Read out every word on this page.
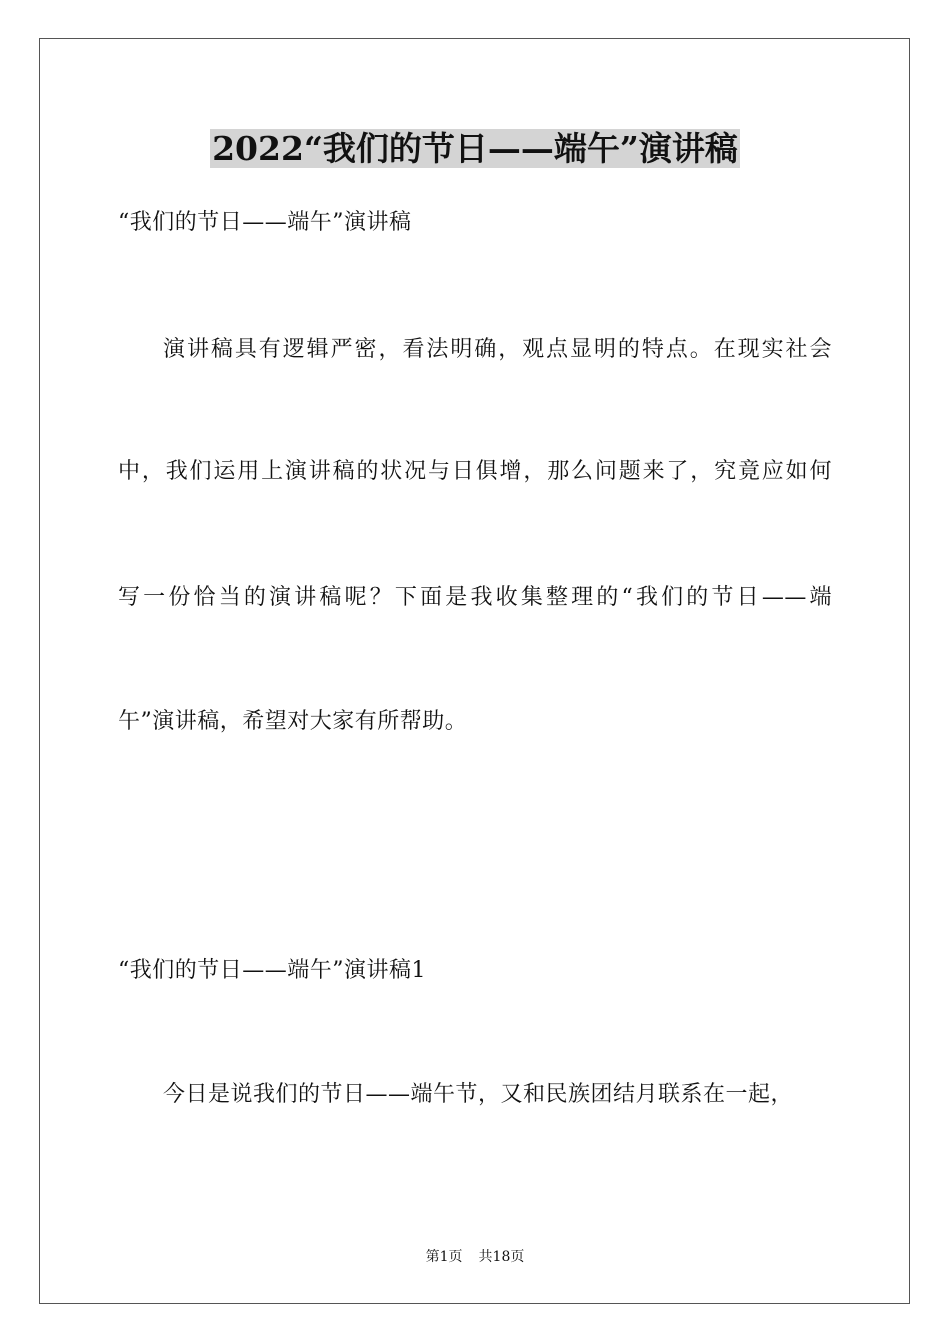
2022“我们的节日——端午”演讲稿
“我们的节日——端午”演讲稿
演讲稿具有逻辑严密，看法明确，观点显明的特点。在现实社会
中，我们运用上演讲稿的状况与日俱增，那么问题来了，究竟应如何
写一份恰当的演讲稿呢？下面是我收集整理的“我们的节日——端
午”演讲稿，希望对大家有所帮助。
“我们的节日——端午”演讲稿1
今日是说我们的节日——端午节，又和民族团结月联系在一起，
第1页 共18页
